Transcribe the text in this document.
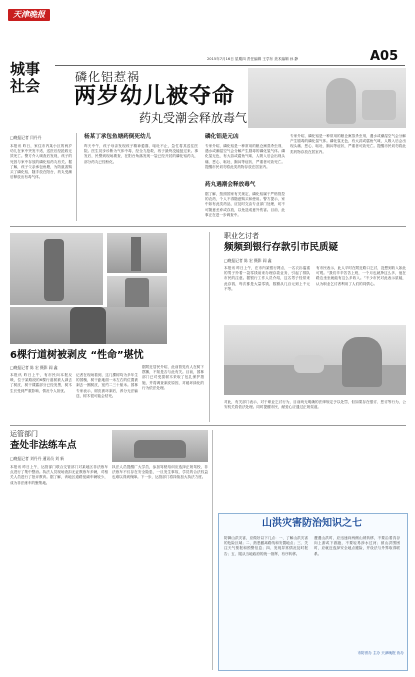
天津晚报
城事
社会
2015年7月16日 星期四 责任编辑 王学东 美术编辑 孙 静	A05
磷化铝惹祸
两岁幼儿被夺命
药丸受潮会释放毒气
□晚报记者 闫丹丹
本报讯 昨日，家住市内某小区的两岁幼儿在家中突发不适，送医后经抢救无效死亡。警方介入调查后发现，孩子的死因与家中存放的磷化铝药丸有关。据了解，孩子父亲承包鱼塘，为防鼠害购买了磷化铝，随手放在阳台，药丸受潮后释放出有毒气体。
杨某丁承包鱼塘药倒死幼儿
昨天中午，孩子母亲发现孩子精神萎靡、呕吐不止，急忙将其送往医院。医生初步诊断为气体中毒，经全力抢救，孩子最终没能挺过来。事发后，民警到现场勘查，在阳台角落发现一袋已经开封的磷化铝药丸，部分药丸已经粉化。
磷化铝是元凶
专家介绍，磷化铝是一种常用的粮仓熏蒸杀虫剂，遇水或潮湿空气会分解产生剧毒的磷化氢气体。磷化氢无色，有大蒜或腐鱼气味，人吸入后会出现头痛、恶心、呕吐、胸闷等症状，严重者可致死亡。提醒市民切勿将此类药物存放在居室内。
药丸遇潮会释放毒气
据了解，按照国家有关规定，磷化铝属于严格管控的农药，个人不得随意购买和使用。警方提示，家中如有此类药品，应及时交由专业部门处理，切不可随意丢弃或存放，以免造成意外伤害。目前，此事正在进一步调查中。
专家介绍，磷化铝是一种常用的粮仓熏蒸杀虫剂，遇水或潮湿空气会分解产生剧毒的磷化氢气体。磷化氢无色，有大蒜或腐鱼气味，人吸入后会出现头痛、恶心、呕吐、胸闷等症状，严重者可致死亡。提醒市民切勿将此类药物存放在居室内。
6棵行道树被剥皮 “性命”堪忧
□晚报记者 陈 宏 摄影 阎 鑫
本报讯 昨日上午，有市民向本报反映，位于某路段的6棵行道树被人剥去了树皮，树干裸露部分已经发黑，树木生长受到严重影响，情况令人担忧。
记者在现场看到，这几棵树均为多年生的国槐，树干距地面一米左右的位置被剥去一圈树皮，宽约二三十厘米。园林专家表示，树皮被环剥后，养分无法输送，树木很可能会枯死。
据附近居民介绍，此前曾见有人在树下摆摊，不知是否与此有关。目前，园林部门已对受损树木采取了包扎保护措施，并将调查剥皮原因，对破坏绿化的行为依法处理。
职业乞讨者
频频到银行存款引市民质疑
□晚报记者 陈 宏 摄影 阎 鑫
本报讯 昨日上午，在市内某银行网点，一名衣衫褴褛的男子拎着一袋零钱前来办理存款业务，引起了排队市民的注意。据银行工作人员介绍，这名男子经常来此存钱，每次都是大量零钱，数额从几百元到上千元不等。
有市民表示，此人平时在附近路口乞讨，没想到收入如此可观。“我们辛辛苦苦上班，一个月也就挣这么多，他在路边坐坐就能有这么多收入。”不少市民对此表示质疑，认为职业乞讨者利用了人们的同情心。
对此，有关部门表示，对于职业乞讨行为，目前尚无明确的法律规定予以处罚，但如果存在强讨、恶讨等行为，公安机关将依法处理。同时提醒市民，献爱心应通过正规渠道。
运管部门
查处非法练车点
□晚报记者 刘丹丹 通讯员 刘 新
本报讯 昨日上午，运管部门联合交管部门对某地区非法练车点进行了集中整治。执法人员现场查扣无证教练车多辆，对相关人员进行了批评教育。据了解，该地区道路宽阔车辆较少，成为非法练车的聚集地。
执法人员提醒广大学员，参加驾驶培训应选择正规驾校，非法练车不仅存在安全隐患，一旦发生事故，学员的合法权益也难以得到保障。下一步，运管部门将持续加大执法力度。
山洪灾害防治知识之七
防御山洪灾害，应做好以下几点：一、了解山洪灾害的危险区域；二、熟悉撤离路线和安置地点；三、关注天气预报和预警信息；四、发现异常情况及时报告；五、服从当地政府的统一指挥，有序转移。
遭遇山洪时，应迅速向两侧山坡转移，不要沿着沟谷向上游或下游跑，不要轻易涉水过河；被山洪围困时，应就近选择安全地点避险，并设法与外界取得联系。
市防汛办 主办 天津晚报 协办
